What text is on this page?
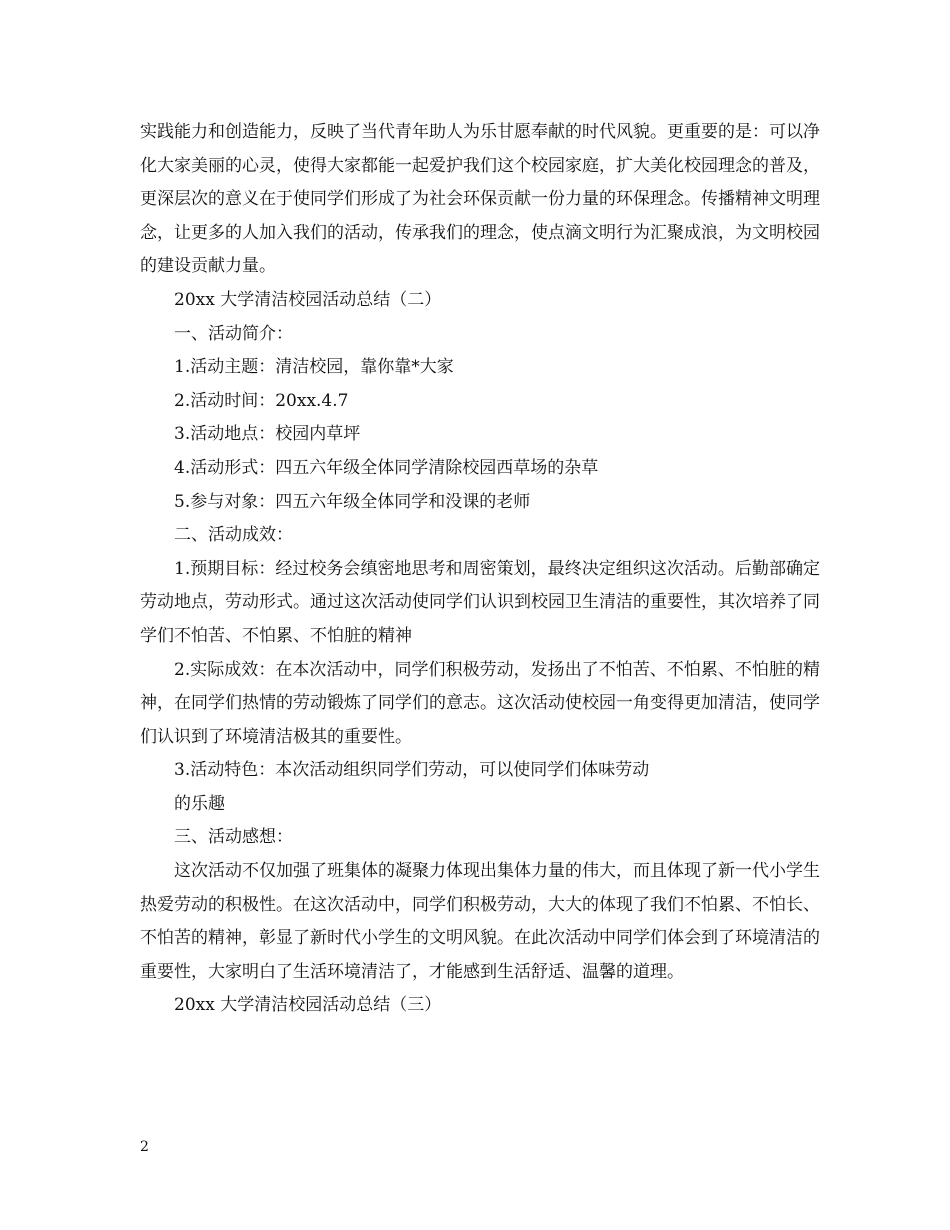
实践能力和创造能力，反映了当代青年助人为乐甘愿奉献的时代风貌。更重要的是：可以净化大家美丽的心灵，使得大家都能一起爱护我们这个校园家庭，扩大美化校园理念的普及，更深层次的意义在于使同学们形成了为社会环保贡献一份力量的环保理念。传播精神文明理念，让更多的人加入我们的活动，传承我们的理念，使点滴文明行为汇聚成浪，为文明校园的建设贡献力量。

20xx 大学清洁校园活动总结（二）

一、活动简介：

1.活动主题：清洁校园，靠你靠*大家

2.活动时间：20xx.4.7

3.活动地点：校园内草坪

4.活动形式：四五六年级全体同学清除校园西草场的杂草

5.参与对象：四五六年级全体同学和没课的老师

二、活动成效：

1.预期目标：经过校务会缜密地思考和周密策划，最终决定组织这次活动。后勤部确定劳动地点，劳动形式。通过这次活动使同学们认识到校园卫生清洁的重要性，其次培养了同学们不怕苦、不怕累、不怕脏的精神

2.实际成效：在本次活动中，同学们积极劳动，发扬出了不怕苦、不怕累、不怕脏的精神，在同学们热情的劳动锻炼了同学们的意志。这次活动使校园一角变得更加清洁，使同学们认识到了环境清洁极其的重要性。

3.活动特色：本次活动组织同学们劳动，可以使同学们体味劳动

的乐趣

三、活动感想：

这次活动不仅加强了班集体的凝聚力体现出集体力量的伟大，而且体现了新一代小学生热爱劳动的积极性。在这次活动中，同学们积极劳动，大大的体现了我们不怕累、不怕长、不怕苦的精神，彰显了新时代小学生的文明风貌。在此次活动中同学们体会到了环境清洁的重要性，大家明白了生活环境清洁了，才能感到生活舒适、温馨的道理。

20xx 大学清洁校园活动总结（三）

2
